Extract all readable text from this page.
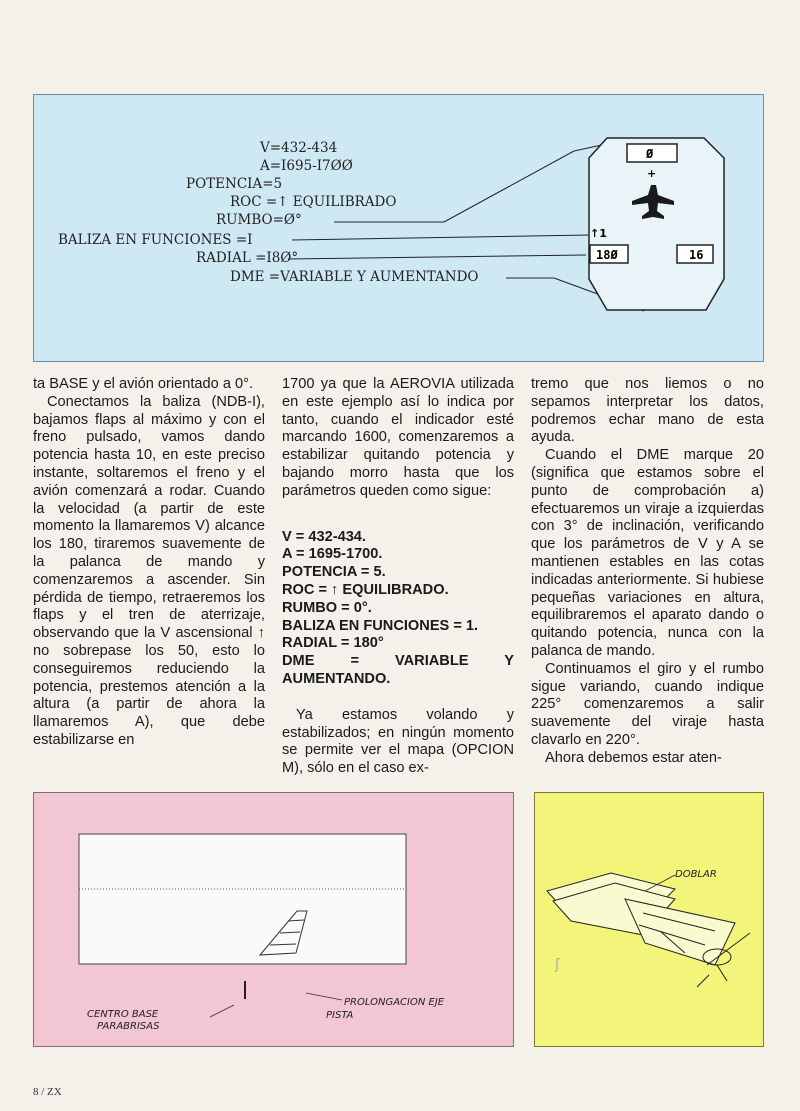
V=432-434
A=I695-I7ØØ
POTENCIA=5
ROC =↑ EQUILIBRADO
RUMBO=Ø°
BALIZA EN FUNCIONES =I
RADIAL =I8Ø°
DME =VARIABLE Y AUMENTANDO
Ø
+
↑1
18Ø	16

ta BASE y el avión orientado a 0°.

Conectamos la baliza (NDB-I), bajamos flaps al máximo y con el freno pulsado, vamos dando potencia hasta 10, en este preciso instante, soltaremos el freno y el avión comenzará a rodar. Cuando la velocidad (a partir de este momento la llamaremos V) alcance los 180, tiraremos suavemente de la palanca de mando y comenzaremos a ascender. Sin pérdida de tiempo, retraeremos los flaps y el tren de aterrizaje, observando que la V ascensional ↑ no sobrepase los 50, esto lo conseguiremos reduciendo la potencia, prestemos atención a la altura (a partir de ahora la llamaremos A), que debe estabilizarse en

1700 ya que la AEROVIA utilizada en este ejemplo así lo indica por tanto, cuando el indicador esté marcando 1600, comenzaremos a estabilizar quitando potencia y bajando morro hasta que los parámetros queden como sigue:

V = 432-434.
A = 1695-1700.
POTENCIA = 5.
ROC = ↑ EQUILIBRADO.
RUMBO = 0°.
BALIZA EN FUNCIONES = 1.
RADIAL = 180°
DME = VARIABLE Y AUMENTANDO.

Ya estamos volando y estabilizados; en ningún momento se permite ver el mapa (OPCION M), sólo en el caso ex-

tremo que nos liemos o no sepamos interpretar los datos, podremos echar mano de esta ayuda.

Cuando el DME marque 20 (significa que estamos sobre el punto de comprobación a) efectuaremos un viraje a izquierdas con 3° de inclinación, verificando que los parámetros de V y A se mantienen estables en las cotas indicadas anteriormente. Si hubiese pequeñas variaciones en altura, equilibraremos el aparato dando o quitando potencia, nunca con la palanca de mando.

Continuamos el giro y el rumbo sigue variando, cuando indique 225° comenzaremos a salir suavemente del viraje hasta clavarlo en 220°.

Ahora debemos estar aten-

CENTRO BASE
PARABRISAS
PROLONGACION EJE
PISTA
DOBLAR
ʃ
8 / ZX
